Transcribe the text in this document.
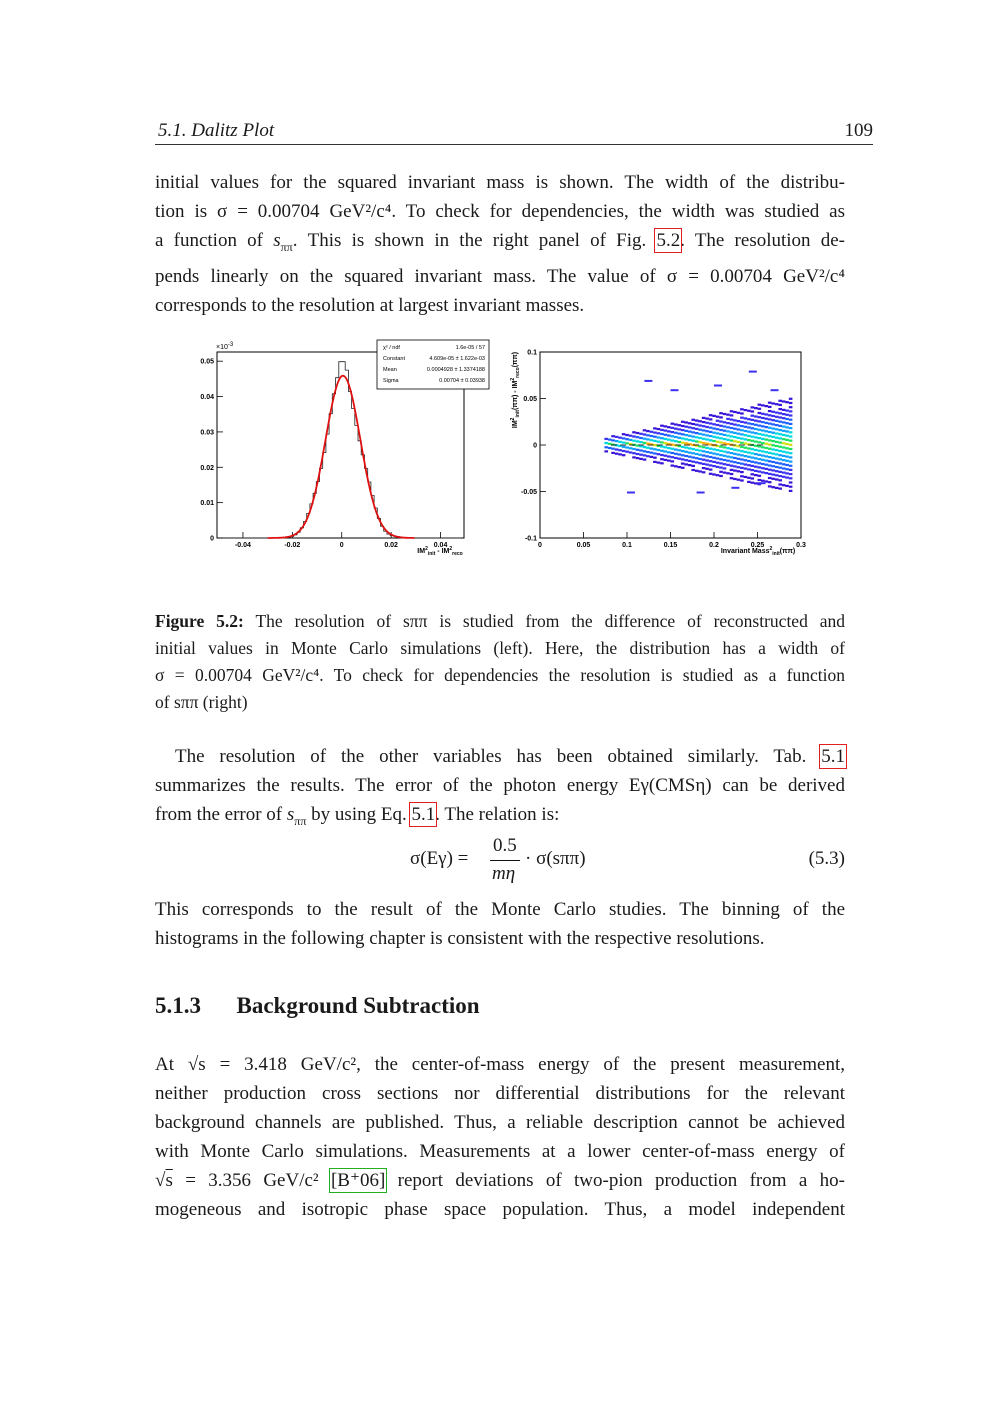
5.1. Dalitz Plot	109
initial values for the squared invariant mass is shown. The width of the distribu-
tion is σ = 0.00704 GeV²/c⁴. To check for dependencies, the width was studied as
a function of $s_{\pi\pi}$. This is shown in the right panel of Fig. 5.2. The resolution de-
pends linearly on the squared invariant mass. The value of σ = 0.00704 GeV²/c⁴
corresponds to the resolution at largest invariant masses.
×10-3
0.05
0.04
0.03
0.02
0.01
0
-0.04	-0.02	0	0.02	0.04
$IM^2_{init} - IM^2_{reco}$
χ² / ndf	1.6e-05 / 57
Constant	4.609e-05 ± 1.622e-03
Mean	0.0004928 ± 1.3374188
Sigma	0.00704 ± 0.03938
0.1
0.05
0
-0.05
-0.1
0	0.05	0.1	0.15	0.2	0.25	0.3
Invariant Mass$^2_{init}$(ππ)
$IM^2_{init}(\pi\pi) - IM^2_{reco}(\pi\pi)$
Figure 5.2: The resolution of sππ is studied from the difference of reconstructed and
initial values in Monte Carlo simulations (left). Here, the distribution has a width of
σ = 0.00704 GeV²/c⁴. To check for dependencies the resolution is studied as a function
of sππ (right)
The resolution of the other variables has been obtained similarly. Tab. 5.1
summarizes the results. The error of the photon energy Eγ(CMSη) can be derived
from the error of $s_{\pi\pi}$ by using Eq. 5.1. The relation is:
σ(Eγ) =
0.5
mη
· σ(sππ)	(5.3)
This corresponds to the result of the Monte Carlo studies. The binning of the
histograms in the following chapter is consistent with the respective resolutions.
5.1.3 Background Subtraction
At √s = 3.418 GeV/c², the center-of-mass energy of the present measurement,
neither production cross sections nor differential distributions for the relevant
background channels are published. Thus, a reliable description cannot be achieved
with Monte Carlo simulations. Measurements at a lower center-of-mass energy of
√s = 3.356 GeV/c² [B⁺06] report deviations of two-pion production from a ho-
mogeneous and isotropic phase space population. Thus, a model independent
